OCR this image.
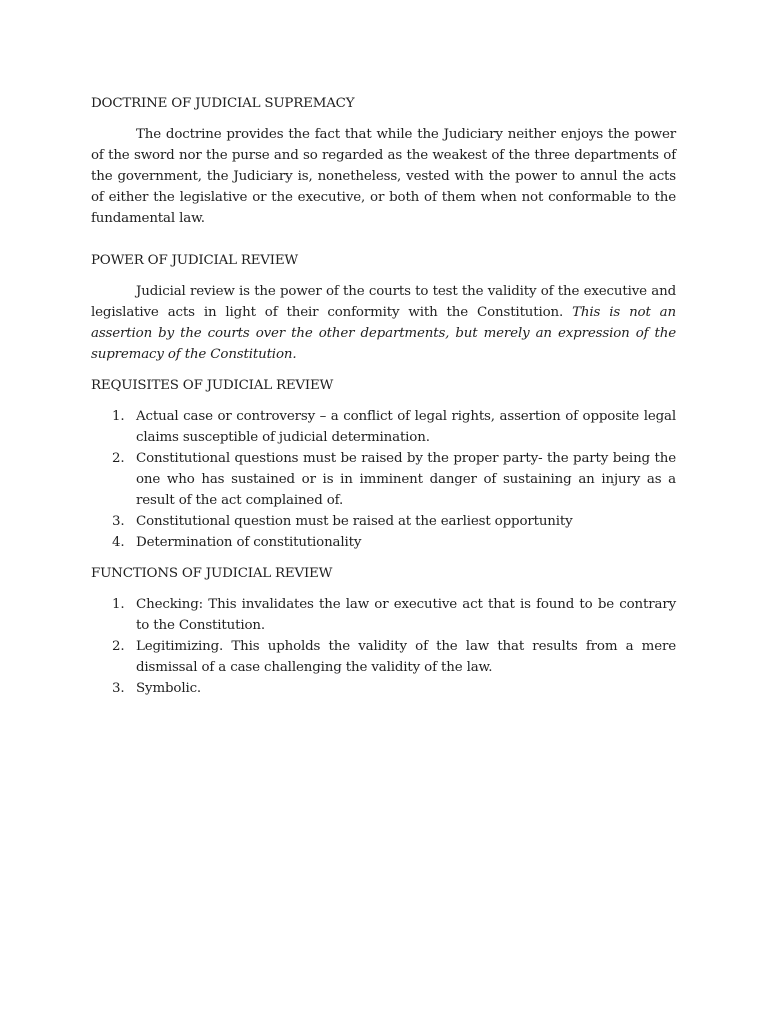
DOCTRINE OF JUDICIAL SUPREMACY

The doctrine provides the fact that while the Judiciary neither enjoys the power of the sword nor the purse and so regarded as the weakest of the three departments of the government, the Judiciary is, nonetheless, vested with the power to annul the acts of either the legislative or the executive, or both of them when not conformable to the fundamental law.

POWER OF JUDICIAL REVIEW

Judicial review is the power of the courts to test the validity of the executive and legislative acts in light of their conformity with the Constitution. This is not an assertion by the courts over the other departments, but merely an expression of the supremacy of the Constitution.

REQUISITES OF JUDICIAL REVIEW
1. Actual case or controversy – a conflict of legal rights, assertion of opposite legal claims susceptible of judicial determination.
2. Constitutional questions must be raised by the proper party- the party being the one who has sustained or is in imminent danger of sustaining an injury as a result of the act complained of.
3. Constitutional question must be raised at the earliest opportunity
4. Determination of constitutionality
FUNCTIONS OF JUDICIAL REVIEW
1. Checking: This invalidates the law or executive act that is found to be contrary to the Constitution.
2. Legitimizing. This upholds the validity of the law that results from a mere dismissal of a case challenging the validity of the law.
3. Symbolic.
